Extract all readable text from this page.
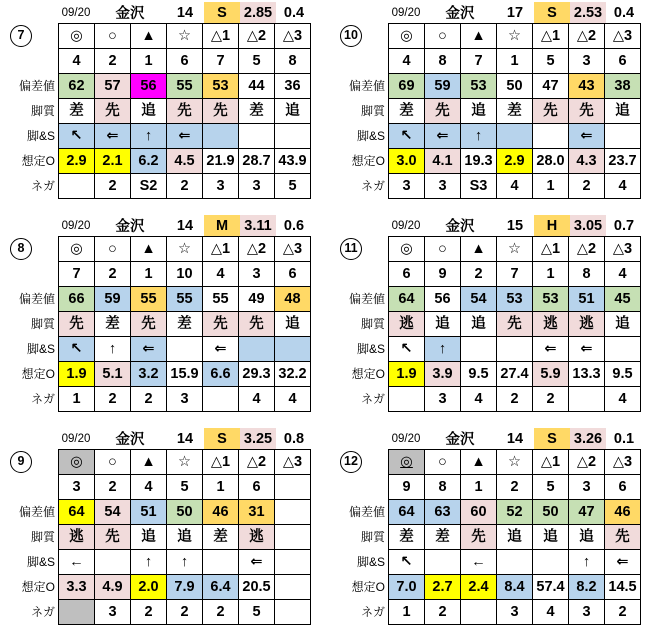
7
偏差値
脚質
脚&S
想定O
ネガ
09/20	金沢	14	S	2.85 0.4
◎	○	▲	☆	△1	△2	△3
4	2	1	6	7	5	8
62	57	56	55	53	44	36
差	先	追	先	先	差	追
↖	⇐	↑	⇐			
2.9	2.1	6.2	4.5	21.9	28.7	43.9
	2	S2	2	3	3	5
10
偏差値
脚質
脚&S
想定O
ネガ
09/20	金沢	17	S	2.53 0.4
◎	○	▲	☆	△1	△2	△3
4	8	7	1	5	3	6
69	59	53	50	47	43	38
差	先	追	差	先	先	追
↖	⇐	↑			⇐	
3.0	4.1	19.3	2.9	28.0	4.3	23.7
3	3	S3	4	1	2	4
8
偏差値
脚質
脚&S
想定O
ネガ
09/20	金沢	14	M	3.11 0.6
◎	○	▲	☆	△1	△2	△3
7	2	1	10	4	3	6
66	59	55	55	55	49	48
先	差	先	差	先	先	追
↖	↑	⇐		⇐		
1.9	5.1	3.2	15.9	6.6	29.3	32.2
1	2	2	3		4	4
11
偏差値
脚質
脚&S
想定O
ネガ
09/20	金沢	15	H	3.05 0.7
◎	○	▲	☆	△1	△2	△3
6	9	2	7	1	8	4
64	56	54	53	53	51	45
逃	追	追	先	逃	逃	追
↖	↑			⇐	⇐	
1.9	3.9	9.5	27.4	5.9	13.3	9.5
	3	4	2	2		4
9
偏差値
脚質
脚&S
想定O
ネガ
09/20	金沢	14	S	3.25 0.8
◎	○	▲	☆	△1	△2	△3
3	2	4	5	1	6	
64	54	51	50	46	31	
逃	先	追	追	差	逃	
←		↑	↑		⇐	
3.3	4.9	2.0	7.9	6.4	20.5	
	3	2	2	2	5	
12
偏差値
脚質
脚&S
想定O
ネガ
09/20	金沢	14	S	3.26 0.1
◎	○	▲	☆	△1	△2	△3
9	8	1	2	5	3	6
64	63	60	52	50	47	46
差	差	先	追	追	追	先
↖		←			↑	⇐
7.0	2.7	2.4	8.4	57.4	8.2	14.5
1	2		3	4	3	2
